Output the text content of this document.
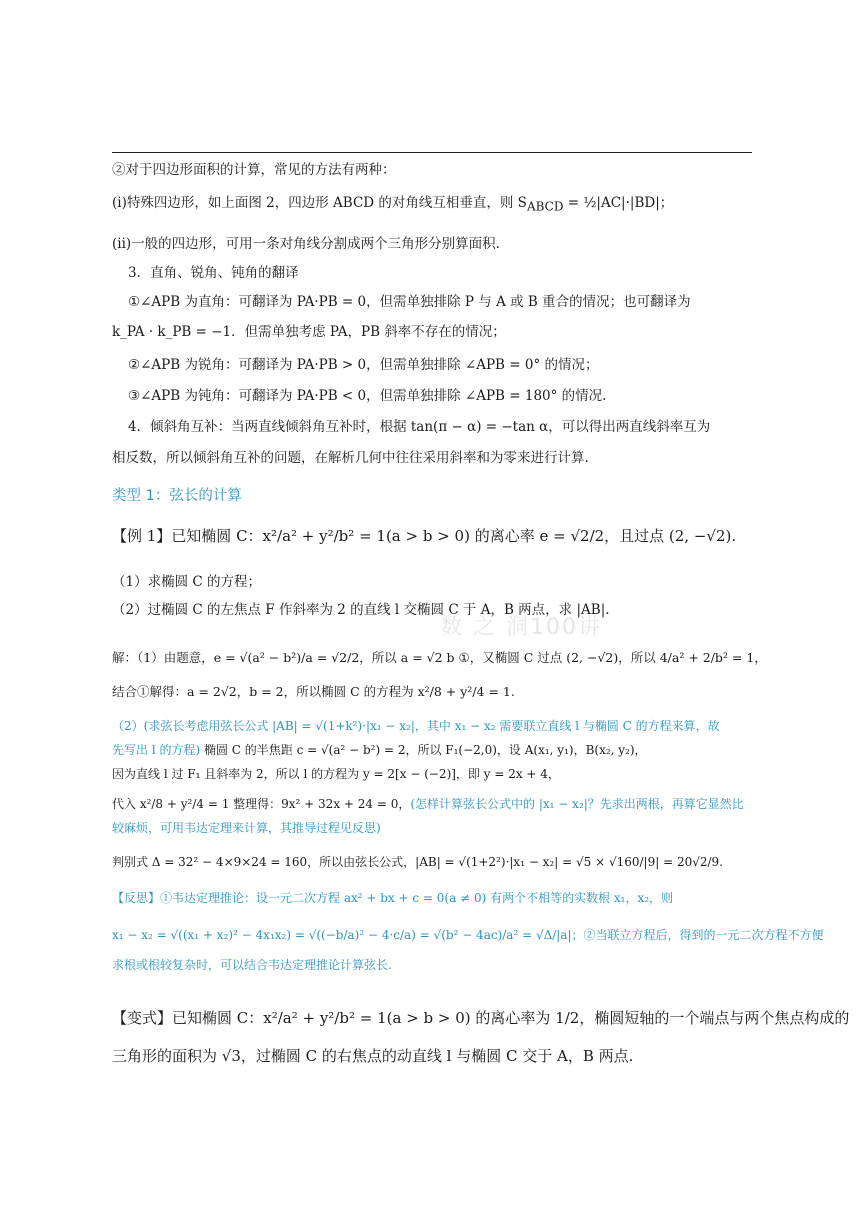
②对于四边形面积的计算，常见的方法有两种：
(i)特殊四边形，如上面图 2，四边形 ABCD 的对角线互相垂直，则 $S_{ABCD}$ = ½|AC|·|BD|；
(ii)一般的四边形，可用一条对角线分割成两个三角形分别算面积.
3．直角、锐角、钝角的翻译
①∠APB 为直角：可翻译为 PA·PB = 0，但需单独排除 P 与 A 或 B 重合的情况；也可翻译为
k_PA · k_PB = −1．但需单独考虑 PA，PB 斜率不存在的情况；
②∠APB 为锐角：可翻译为 PA·PB > 0，但需单独排除 ∠APB = 0° 的情况；
③∠APB 为钝角：可翻译为 PA·PB < 0，但需单独排除 ∠APB = 180° 的情况.
4．倾斜角互补：当两直线倾斜角互补时，根据 tan(π − α) = −tan α，可以得出两直线斜率互为
相反数，所以倾斜角互补的问题，在解析几何中往往采用斜率和为零来进行计算.
类型 1：弦长的计算
【例 1】已知椭圆 C：x²/a² + y²/b² = 1(a > b > 0) 的离心率 e = √2/2，且过点 (2, −√2).
（1）求椭圆 C 的方程；
（2）过椭圆 C 的左焦点 F 作斜率为 2 的直线 l 交椭圆 C 于 A，B 两点，求 |AB|.
数 之 洞100讲
解：（1）由题意，e = √(a² − b²)/a = √2/2，所以 a = √2 b ①，又椭圆 C 过点 (2, −√2)，所以 4/a² + 2/b² = 1，
结合①解得：a = 2√2，b = 2，所以椭圆 C 的方程为 x²/8 + y²/4 = 1.
（2）(求弦长考虑用弦长公式 |AB| = √(1+k²)·|x₁ − x₂|，其中 x₁ − x₂ 需要联立直线 l 与椭圆 C 的方程来算，故
先写出 l 的方程) 椭圆 C 的半焦距 c = √(a² − b²) = 2，所以 F₁(−2,0)，设 A(x₁, y₁)，B(x₂, y₂)，
因为直线 l 过 F₁ 且斜率为 2，所以 l 的方程为 y = 2[x − (−2)]，即 y = 2x + 4，
代入 x²/8 + y²/4 = 1 整理得：9x² + 32x + 24 = 0，(怎样计算弦长公式中的 |x₁ − x₂|？先求出两根，再算它显然比
较麻烦，可用韦达定理来计算，其推导过程见反思)
判别式 Δ = 32² − 4×9×24 = 160，所以由弦长公式，|AB| = √(1+2²)·|x₁ − x₂| = √5 × √160/|9| = 20√2/9.
【反思】①韦达定理推论：设一元二次方程 ax² + bx + c = 0(a ≠ 0) 有两个不相等的实数根 x₁，x₂，则
x₁ − x₂ = √((x₁ + x₂)² − 4x₁x₂) = √((−b/a)² − 4·c/a) = √(b² − 4ac)/a² = √Δ/|a|；②当联立方程后，得到的一元二次方程不方便
求根或根较复杂时，可以结合韦达定理推论计算弦长.
【变式】已知椭圆 C：x²/a² + y²/b² = 1(a > b > 0) 的离心率为 1/2，椭圆短轴的一个端点与两个焦点构成的
三角形的面积为 √3，过椭圆 C 的右焦点的动直线 l 与椭圆 C 交于 A，B 两点.
